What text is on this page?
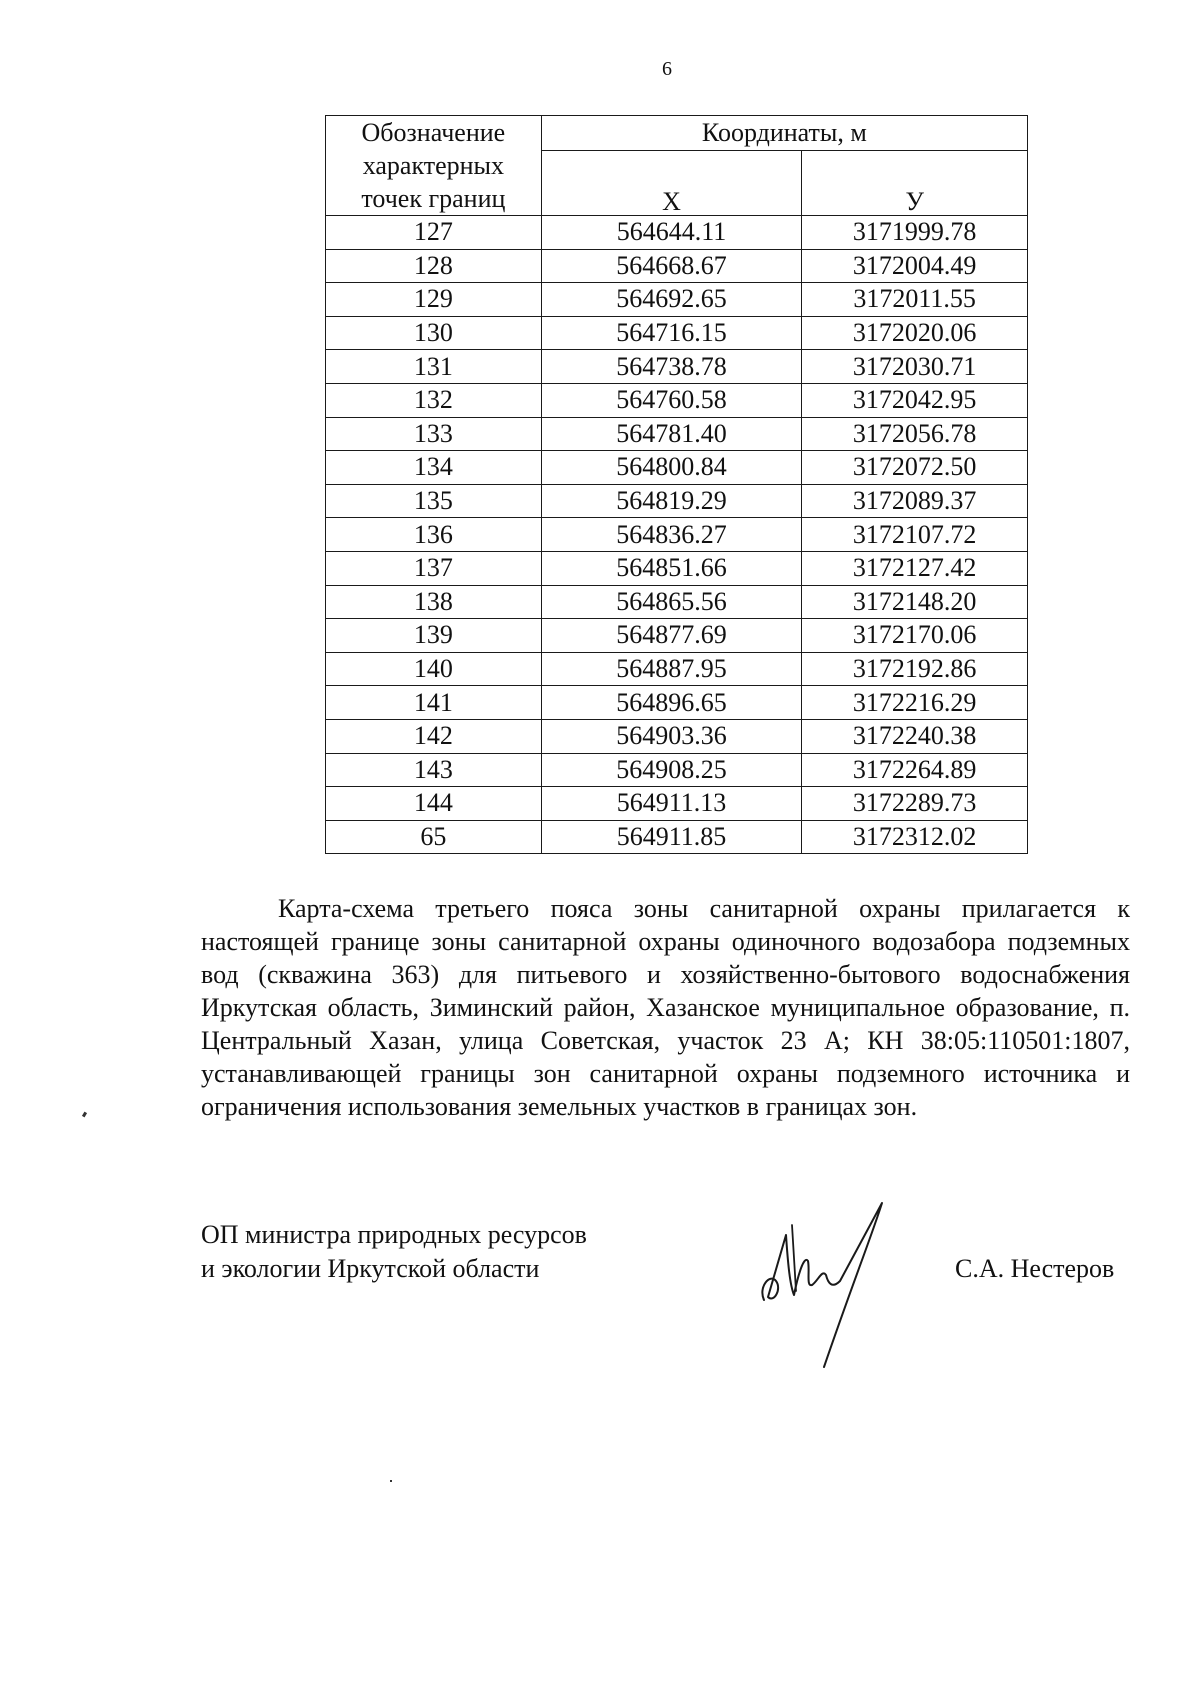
6
Обозначение
характерных
точек границ	Координаты, м	
	Х	У
127	564644.11	3171999.78
128	564668.67	3172004.49
129	564692.65	3172011.55
130	564716.15	3172020.06
131	564738.78	3172030.71
132	564760.58	3172042.95
133	564781.40	3172056.78
134	564800.84	3172072.50
135	564819.29	3172089.37
136	564836.27	3172107.72
137	564851.66	3172127.42
138	564865.56	3172148.20
139	564877.69	3172170.06
140	564887.95	3172192.86
141	564896.65	3172216.29
142	564903.36	3172240.38
143	564908.25	3172264.89
144	564911.13	3172289.73
65	564911.85	3172312.02

Карта-схема третьего пояса зоны санитарной охраны прилагается к настоящей границе зоны санитарной охраны одиночного водозабора подземных вод (скважина 363) для питьевого и хозяйственно-бытового водоснабжения Иркутская область, Зиминский район, Хазанское муниципальное образование, п. Центральный Хазан, улица Советская, участок 23 А; КН 38:05:110501:1807, устанавливающей границы зон санитарной охраны подземного источника и ограничения использования земельных участков в границах зон.

ОП министра природных ресурсов
и экологии Иркутской области	С.А. Нестеров
